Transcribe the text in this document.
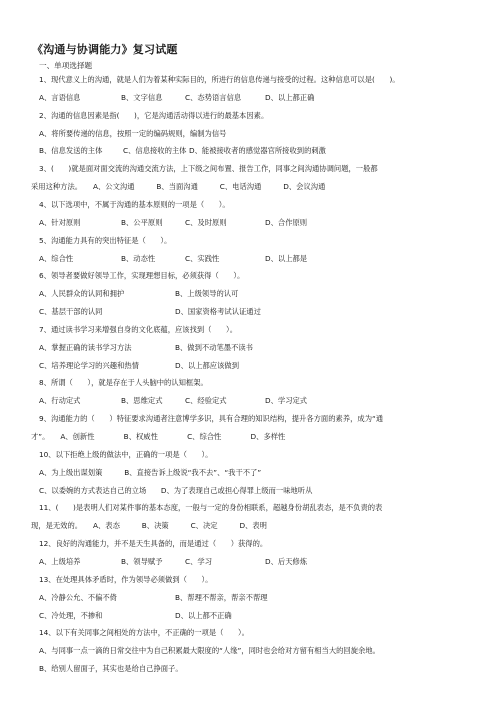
《沟通与协调能力》复习试题
一、单项选择题
1、现代意义上的沟通，就是人们为着某种实际目的，所进行的信息传递与接受的过程。这种信息可以是(　　)。
A、言语信息	B、文字信息	C、态势语言信息	D、以上都正确
2、沟通的信息因素是指(　　)，它是沟通活动得以进行的最基本因素。
A、将所要传递的信息，按照一定的编码规则，编制为信号
B、信息发送的主体	C、信息接收的主体 D、能被接收者的感觉器官所接收到的刺激
3、(　　)就是面对面交流的沟通交流方法，上下级之间布置、报告工作，同事之间沟通协调问题，一般都
采用这种方法。　　A、公文沟通　　　B、当面沟通　　　C、电话沟通　　　D、会议沟通
4、以下选项中，不属于沟通的基本原则的一项是（　　）。
A、针对原则	B、公平原则	C、及时原则	D、合作原则
5、沟通能力具有的突出特征是（　　）。
A、综合性	B、动态性	C、实践性	D、以上都是
6、领导者要做好领导工作，实现理想目标，必须获得（　　）。
A、人民群众的认同和拥护	B、上级领导的认可
C、基层干部的认同	D、国家资格考试认证通过
7、通过读书学习来增强自身的文化底蕴，应该找到（　　）。
A、掌握正确的读书学习方法	B、做到不动笔墨不读书
C、培养理论学习的兴趣和热情	D、以上都应该做到
8、所谓（　　），就是存在于人头脑中的认知框架。
A、行动定式	B、思维定式	C、经验定式	D、学习定式
9、沟通能力的（　　）特征要求沟通者注意博学多识，具有合理的知识结构，提升各方面的素养，成为“通
才”。　　A、创新性　　　　B、权威性　　　　C、综合性　　　　D、多样性
10、以下拒绝上级的做法中，正确的一项是（　　）。
A、为上级出谋划策　　　B、直接告诉上级说“我不去”、“我干不了”
C、以委婉的方式表达自己的立场　　D、为了表现自己或担心得罪上级而一味地听从
11、(　　)是表明人们对某件事的基本态度，一般与一定的身份相联系，超越身份胡乱表态，是不负责的表
现，是无效的。　　A、表态　　　B、决策　　　C、决定　　　D、表明
12、良好的沟通能力，并不是天生具备的，而是通过（　　）获得的。
A、上级培养	B、领导赋予	C、学习	D、后天修炼
13、在处理具体矛盾时，作为领导必须做到（　　）。
A、冷静公允、不偏不倚	B、帮理不帮亲，帮亲不帮理
C、冷处理，不掺和	D、以上都不正确
14、以下有关同事之间相处的方法中，不正确的一项是（　　）。
A、与同事一点一滴的日常交往中为自己积累最大限度的“人缘”，同时也会给对方留有相当大的回旋余地。
B、给别人留面子，其实也是给自己挣面子。
